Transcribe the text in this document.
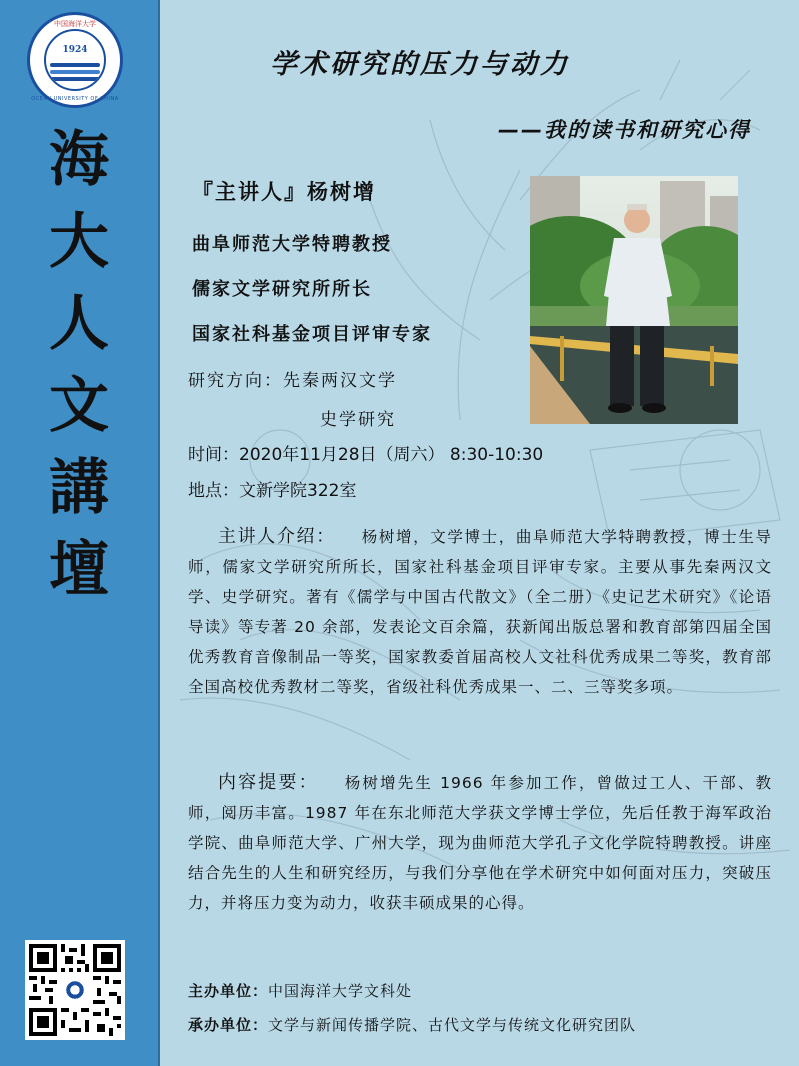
中国海洋大学
1924
OCEAN UNIVERSITY OF CHINA
海
大
人
文
講
壇
学术研究的压力与动力
——我的读书和研究心得
『主讲人』杨树增
曲阜师范大学特聘教授
儒家文学研究所所长
国家社科基金项目评审专家
研究方向：先秦两汉文学
史学研究
时间：2020年11月28日（周六） 8:30-10:30
地点：文新学院322室

主讲人介绍： 杨树增，文学博士，曲阜师范大学特聘教授，博士生导师，儒家文学研究所所长，国家社科基金项目评审专家。主要从事先秦两汉文学、史学研究。著有《儒学与中国古代散文》（全二册）《史记艺术研究》《论语导读》等专著 20 余部，发表论文百余篇，获新闻出版总署和教育部第四届全国优秀教育音像制品一等奖，国家教委首届高校人文社科优秀成果二等奖，教育部全国高校优秀教材二等奖，省级社科优秀成果一、二、三等奖多项。

内容提要： 杨树增先生 1966 年参加工作，曾做过工人、干部、教师，阅历丰富。1987 年在东北师范大学获文学博士学位，先后任教于海军政治学院、曲阜师范大学、广州大学，现为曲师范大学孔子文化学院特聘教授。讲座结合先生的人生和研究经历，与我们分享他在学术研究中如何面对压力，突破压力，并将压力变为动力，收获丰硕成果的心得。

主办单位：中国海洋大学文科处
承办单位：文学与新闻传播学院、古代文学与传统文化研究团队
